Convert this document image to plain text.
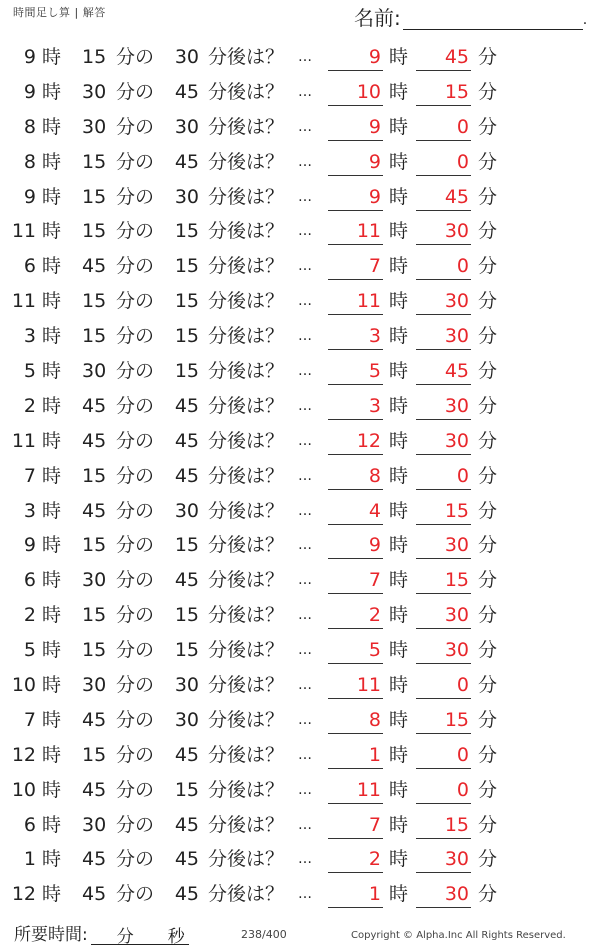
時間足し算 | 解答	名前:	.
9 時 15 分の	30 分後は？ …	9 時	45 分
9 時 30 分の	45 分後は？ …	10 時	15 分
8 時 30 分の	30 分後は？ …	9 時	0 分
8 時 15 分の	45 分後は？ …	9 時	0 分
9 時 15 分の	30 分後は？ …	9 時	45 分
11 時 15 分の	15 分後は？ …	11 時	30 分
6 時 45 分の	15 分後は？ …	7 時	0 分
11 時 15 分の	15 分後は？ …	11 時	30 分
3 時 15 分の	15 分後は？ …	3 時	30 分
5 時 30 分の	15 分後は？ …	5 時	45 分
2 時 45 分の	45 分後は？ …	3 時	30 分
11 時 45 分の	45 分後は？ …	12 時	30 分
7 時 15 分の	45 分後は？ …	8 時	0 分
3 時 45 分の	30 分後は？ …	4 時	15 分
9 時 15 分の	15 分後は？ …	9 時	30 分
6 時 30 分の	45 分後は？ …	7 時	15 分
2 時 15 分の	15 分後は？ …	2 時	30 分
5 時 15 分の	15 分後は？ …	5 時	30 分
10 時 30 分の	30 分後は？ …	11 時	0 分
7 時 45 分の	30 分後は？ …	8 時	15 分
12 時 15 分の	45 分後は？ …	1 時	0 分
10 時 45 分の	15 分後は？ …	11 時	0 分
6 時 30 分の	45 分後は？ …	7 時	15 分
1 時 45 分の	45 分後は？ …	2 時	30 分
12 時 45 分の	45 分後は？ …	1 時	30 分
所要時間: 分 秒	238/400	Copyright © Alpha.Inc All Rights Reserved.
